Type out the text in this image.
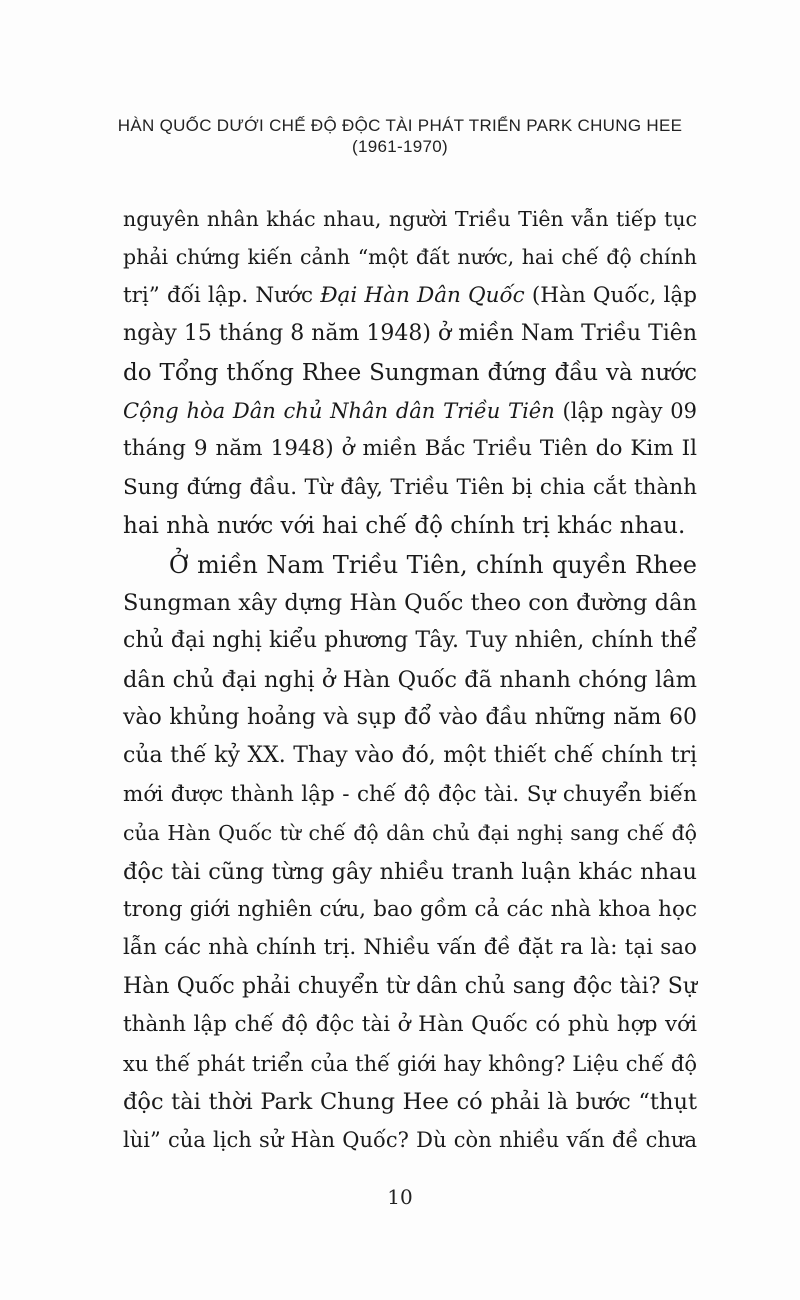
HÀN QUỐC DƯỚI CHẾ ĐỘ ĐỘC TÀI PHÁT TRIỂN PARK CHUNG HEE
(1961-1970)
nguyên nhân khác nhau, người Triều Tiên vẫn tiếp tục
phải chứng kiến cảnh “một đất nước, hai chế độ chính
trị” đối lập. Nước Đại Hàn Dân Quốc (Hàn Quốc, lập
ngày 15 tháng 8 năm 1948) ở miền Nam Triều Tiên
do Tổng thống Rhee Sungman đứng đầu và nước
Cộng hòa Dân chủ Nhân dân Triều Tiên (lập ngày 09
tháng 9 năm 1948) ở miền Bắc Triều Tiên do Kim Il
Sung đứng đầu. Từ đây, Triều Tiên bị chia cắt thành
hai nhà nước với hai chế độ chính trị khác nhau.
Ở miền Nam Triều Tiên, chính quyền Rhee
Sungman xây dựng Hàn Quốc theo con đường dân
chủ đại nghị kiểu phương Tây. Tuy nhiên, chính thể
dân chủ đại nghị ở Hàn Quốc đã nhanh chóng lâm
vào khủng hoảng và sụp đổ vào đầu những năm 60
của thế kỷ XX. Thay vào đó, một thiết chế chính trị
mới được thành lập - chế độ độc tài. Sự chuyển biến
của Hàn Quốc từ chế độ dân chủ đại nghị sang chế độ
độc tài cũng từng gây nhiều tranh luận khác nhau
trong giới nghiên cứu, bao gồm cả các nhà khoa học
lẫn các nhà chính trị. Nhiều vấn đề đặt ra là: tại sao
Hàn Quốc phải chuyển từ dân chủ sang độc tài? Sự
thành lập chế độ độc tài ở Hàn Quốc có phù hợp với
xu thế phát triển của thế giới hay không? Liệu chế độ
độc tài thời Park Chung Hee có phải là bước “thụt
lùi” của lịch sử Hàn Quốc? Dù còn nhiều vấn đề chưa
10
